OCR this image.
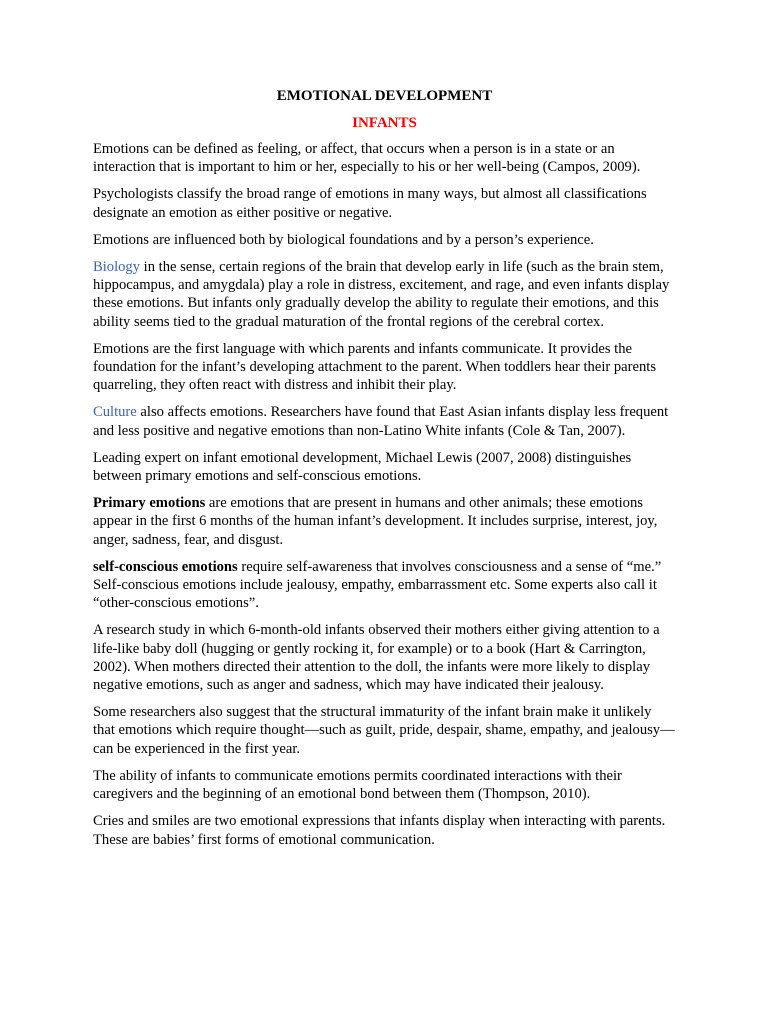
EMOTIONAL DEVELOPMENT
INFANTS

Emotions can be defined as feeling, or affect, that occurs when a person is in a state or an interaction that is important to him or her, especially to his or her well-being (Campos, 2009).

Psychologists classify the broad range of emotions in many ways, but almost all classifications designate an emotion as either positive or negative.

Emotions are influenced both by biological foundations and by a person’s experience.

Biology in the sense, certain regions of the brain that develop early in life (such as the brain stem, hippocampus, and amygdala) play a role in distress, excitement, and rage, and even infants display these emotions. But infants only gradually develop the ability to regulate their emotions, and this ability seems tied to the gradual maturation of the frontal regions of the cerebral cortex.

Emotions are the first language with which parents and infants communicate. It provides the foundation for the infant’s developing attachment to the parent. When toddlers hear their parents quarreling, they often react with distress and inhibit their play.

Culture also affects emotions. Researchers have found that East Asian infants display less frequent and less positive and negative emotions than non-Latino White infants (Cole & Tan, 2007).

Leading expert on infant emotional development, Michael Lewis (2007, 2008) distinguishes between primary emotions and self-conscious emotions.

Primary emotions are emotions that are present in humans and other animals; these emotions appear in the first 6 months of the human infant’s development. It includes surprise, interest, joy, anger, sadness, fear, and disgust.

self-conscious emotions require self-awareness that involves consciousness and a sense of “me.” Self-conscious emotions include jealousy, empathy, embarrassment etc. Some experts also call it “other-conscious emotions”.

A research study in which 6-month-old infants observed their mothers either giving attention to a life-like baby doll (hugging or gently rocking it, for example) or to a book (Hart & Carrington, 2002). When mothers directed their attention to the doll, the infants were more likely to display negative emotions, such as anger and sadness, which may have indicated their jealousy.

Some researchers also suggest that the structural immaturity of the infant brain make it unlikely that emotions which require thought—such as guilt, pride, despair, shame, empathy, and jealousy—can be experienced in the first year.

The ability of infants to communicate emotions permits coordinated interactions with their caregivers and the beginning of an emotional bond between them (Thompson, 2010).

Cries and smiles are two emotional expressions that infants display when interacting with parents. These are babies’ first forms of emotional communication.
